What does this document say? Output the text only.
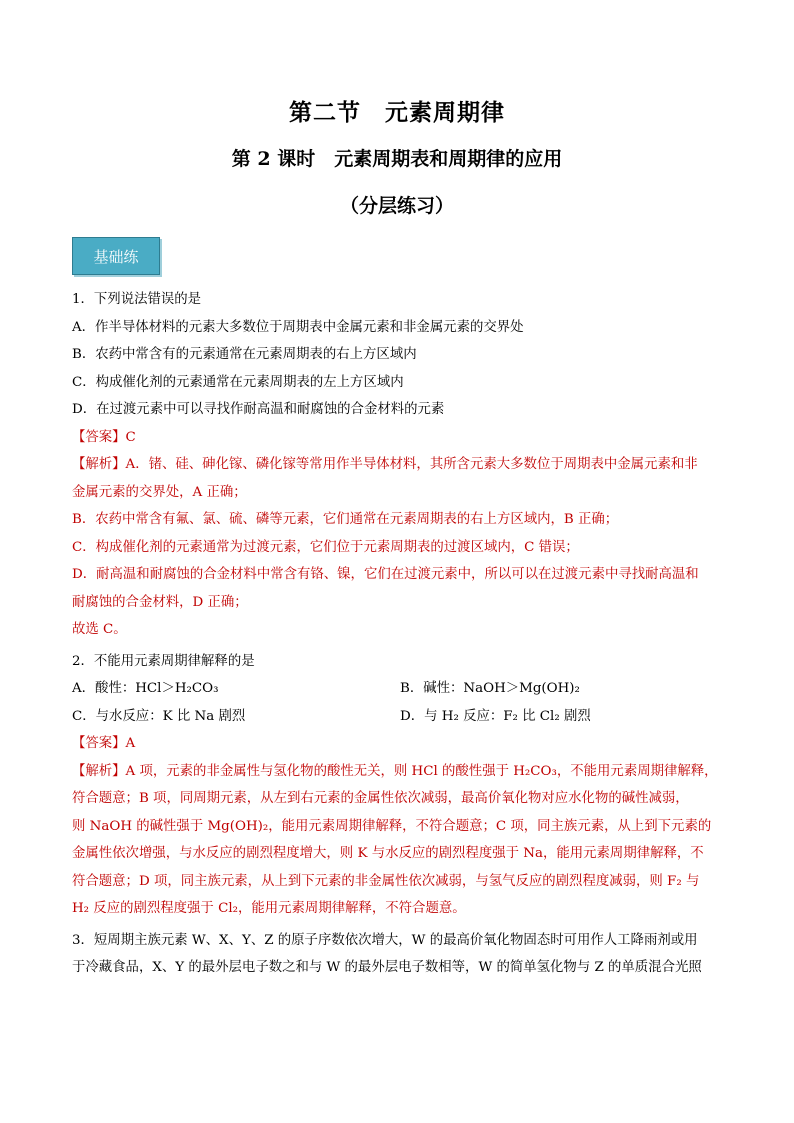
第二节　元素周期律
第 2 课时　元素周期表和周期律的应用
（分层练习）
基础练

1．下列说法错误的是

A．作半导体材料的元素大多数位于周期表中金属元素和非金属元素的交界处

B．农药中常含有的元素通常在元素周期表的右上方区域内

C．构成催化剂的元素通常在元素周期表的左上方区域内

D．在过渡元素中可以寻找作耐高温和耐腐蚀的合金材料的元素

【答案】C

【解析】A．锗、硅、砷化镓、磷化镓等常用作半导体材料，其所含元素大多数位于周期表中金属元素和非

金属元素的交界处，A 正确；

B．农药中常含有氟、氯、硫、磷等元素，它们通常在元素周期表的右上方区域内，B 正确；

C．构成催化剂的元素通常为过渡元素，它们位于元素周期表的过渡区域内，C 错误；

D．耐高温和耐腐蚀的合金材料中常含有铬、镍，它们在过渡元素中，所以可以在过渡元素中寻找耐高温和

耐腐蚀的合金材料，D 正确；

故选 C。

2．不能用元素周期律解释的是

A．酸性：HCl＞H₂CO₃	B．碱性：NaOH＞Mg(OH)₂
C．与水反应：K 比 Na 剧烈	D．与 H₂ 反应：F₂ 比 Cl₂ 剧烈

【答案】A

【解析】A 项，元素的非金属性与氢化物的酸性无关，则 HCl 的酸性强于 H₂CO₃，不能用元素周期律解释，

符合题意；B 项，同周期元素，从左到右元素的金属性依次减弱，最高价氧化物对应水化物的碱性减弱，

则 NaOH 的碱性强于 Mg(OH)₂，能用元素周期律解释，不符合题意；C 项，同主族元素，从上到下元素的

金属性依次增强，与水反应的剧烈程度增大，则 K 与水反应的剧烈程度强于 Na，能用元素周期律解释，不

符合题意；D 项，同主族元素，从上到下元素的非金属性依次减弱，与氢气反应的剧烈程度减弱，则 F₂ 与

H₂ 反应的剧烈程度强于 Cl₂，能用元素周期律解释，不符合题意。

3．短周期主族元素 W、X、Y、Z 的原子序数依次增大，W 的最高价氧化物固态时可用作人工降雨剂或用

于冷藏食品，X、Y 的最外层电子数之和与 W 的最外层电子数相等，W 的简单氢化物与 Z 的单质混合光照
